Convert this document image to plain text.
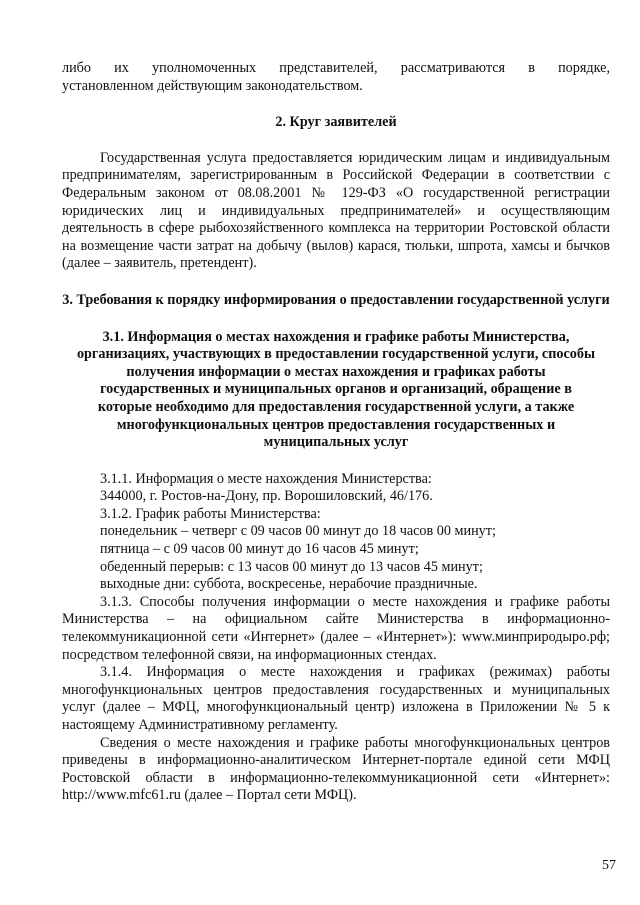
либо их уполномоченных представителей, рассматриваются в порядке,

установленном действующим законодательством.

2. Круг заявителей

Государственная услуга предоставляется юридическим лицам и индивидуальным предпринимателям, зарегистрированным в Российской Федерации в соответствии с Федеральным законом от 08.08.2001 № 129-ФЗ «О государственной регистрации юридических лиц и индивидуальных предпринимателей» и осуществляющим деятельность в сфере рыбохозяйственного комплекса на территории Ростовской области на возмещение части затрат на добычу (вылов) карася, тюльки, шпрота, хамсы и бычков (далее – заявитель, претендент).

3. Требования к порядку информирования о предоставлении государственной услуги
3.1. Информация о местах нахождения и графике работы Министерства, организациях, участвующих в предоставлении государственной услуги, способы получения информации о местах нахождения и графиках работы государственных и муниципальных органов и организаций, обращение в которые необходимо для предоставления государственной услуги, а также многофункциональных центров предоставления государственных и муниципальных услуг

3.1.1. Информация о месте нахождения Министерства:

344000, г. Ростов-на-Дону, пр. Ворошиловский, 46/176.

3.1.2. График работы Министерства:

понедельник – четверг с 09 часов 00 минут до 18 часов 00 минут;

пятница – с 09 часов 00 минут до 16 часов 45 минут;

обеденный перерыв: с 13 часов 00 минут до 13 часов 45 минут;

выходные дни: суббота, воскресенье, нерабочие праздничные.

3.1.3. Способы получения информации о месте нахождения и графике работы Министерства – на официальном сайте Министерства в информационно-телекоммуникационной сети «Интернет» (далее – «Интернет»): www.минприродыро.рф; посредством телефонной связи, на информационных стендах.

3.1.4. Информация о месте нахождения и графиках (режимах) работы многофункциональных центров предоставления государственных и муниципальных услуг (далее – МФЦ, многофункциональный центр) изложена в Приложении № 5 к настоящему Административному регламенту.

Сведения о месте нахождения и графике работы многофункциональных центров приведены в информационно-аналитическом Интернет-портале единой сети МФЦ Ростовской области в информационно-телекоммуникационной сети «Интернет»: http://www.mfc61.ru (далее – Портал сети МФЦ).

57
